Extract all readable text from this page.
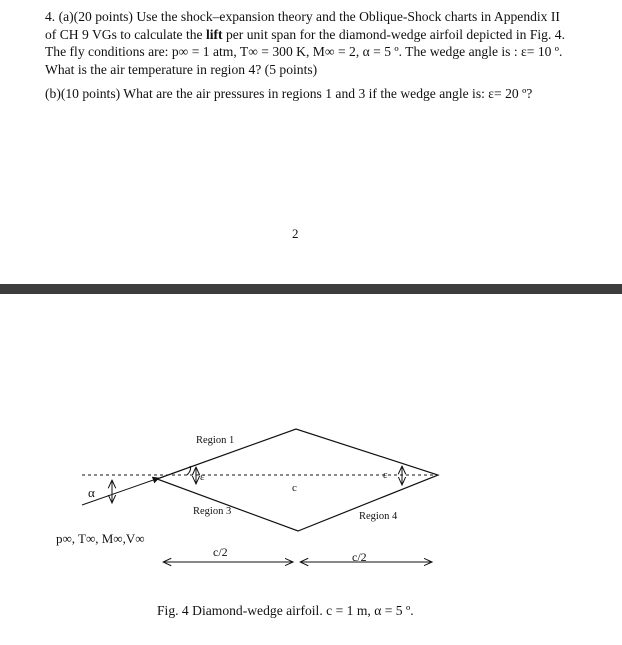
4. (a)(20 points) Use the shock–expansion theory and the Oblique-Shock charts in Appendix II

of CH 9 VGs to calculate the lift per unit span for the diamond-wedge airfoil depicted in Fig. 4.

The fly conditions are: p∞ = 1 atm, T∞ = 300 K, M∞ = 2, α = 5 º. The wedge angle is : ε= 10 º.

What is the air temperature in region 4? (5 points)

(b)(10 points) What are the air pressures in regions 1 and 3 if the wedge angle is: ε= 20 º?

2
α
ε	ε
c
Region 1
Region 3	Region 4
p∞, T∞, M∞,V∞
c/2	c/2
Fig. 4 Diamond-wedge airfoil. c = 1 m, α = 5 º.
